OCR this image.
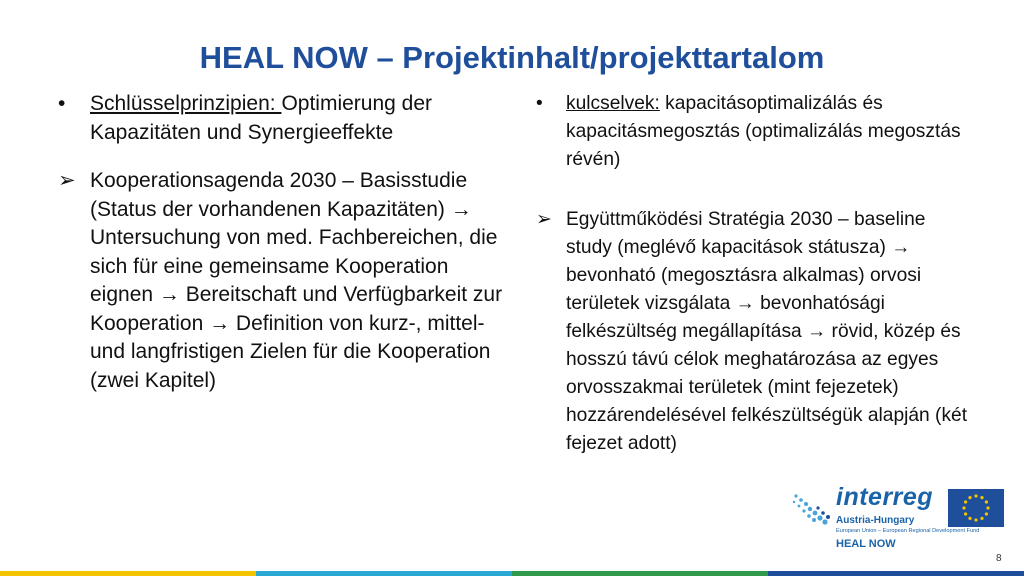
HEAL NOW – Projektinhalt/projekttartalom
• Schlüsselprinzipien: Optimierung der Kapazitäten und Synergieeffekte
➢ Kooperationsagenda 2030 – Basisstudie (Status der vorhandenen Kapazitäten) → Untersuchung von med. Fachbereichen, die sich für eine gemeinsame Kooperation eignen → Bereitschaft und Verfügbarkeit zur Kooperation → Definition von kurz-, mittel- und langfristigen Zielen für die Kooperation (zwei Kapitel)
• kulcselvek: kapacitásoptimalizálás és kapacitásmegosztás (optimalizálás megosztás révén)
➢ Együttműködési Stratégia 2030 – baseline study (meglévő kapacitások státusza) → bevonható (megosztásra alkalmas) orvosi területek vizsgálata → bevonhatósági felkészültség megállapítása → rövid, közép és hosszú távú célok meghatározása az egyes orvosszakmai területek (mint fejezetek) hozzárendelésével felkészültségük alapján (két fejezet adott)
interreg
Austria-Hungary
European Union – European Regional Development Fund
HEAL NOW
8
